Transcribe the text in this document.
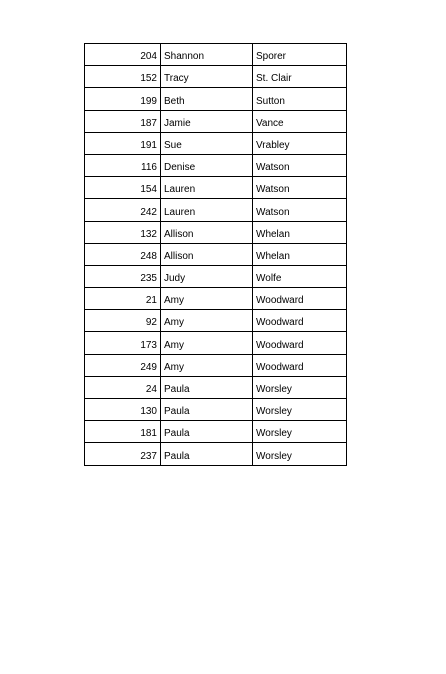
204	Shannon	Sporer
152	Tracy	St. Clair
199	Beth	Sutton
187	Jamie	Vance
191	Sue	Vrabley
116	Denise	Watson
154	Lauren	Watson
242	Lauren	Watson
132	Allison	Whelan
248	Allison	Whelan
235	Judy	Wolfe
21	Amy	Woodward
92	Amy	Woodward
173	Amy	Woodward
249	Amy	Woodward
24	Paula	Worsley
130	Paula	Worsley
181	Paula	Worsley
237	Paula	Worsley
